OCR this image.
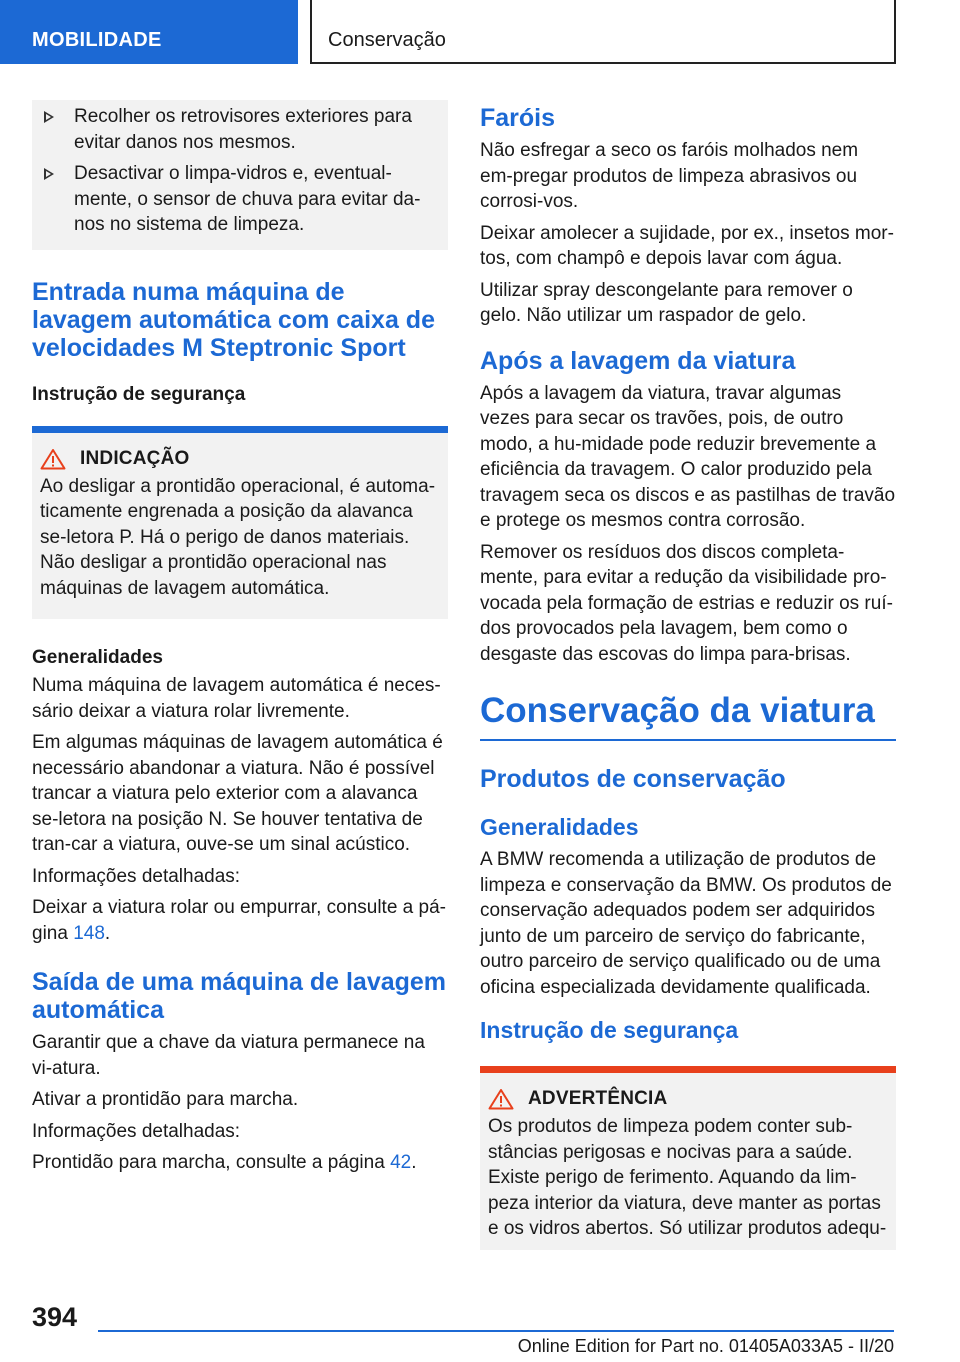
MOBILIDADE	Conservação
Recolher os retrovisores exteriores para evitar danos nos mesmos.
Desactivar o limpa-vidros e, eventual-mente, o sensor de chuva para evitar da-nos no sistema de limpeza.
Entrada numa máquina de lavagem automática com caixa de velocidades M Steptronic Sport
Instrução de segurança
INDICAÇÃO

Ao desligar a prontidão operacional, é automa-ticamente engrenada a posição da alavanca se-letora P. Há o perigo de danos materiais. Não desligar a prontidão operacional nas máquinas de lavagem automática.

Generalidades

Numa máquina de lavagem automática é neces-sário deixar a viatura rolar livremente.

Em algumas máquinas de lavagem automática é necessário abandonar a viatura. Não é possível trancar a viatura pelo exterior com a alavanca se-letora na posição N. Se houver tentativa de tran-car a viatura, ouve-se um sinal acústico.

Informações detalhadas:

Deixar a viatura rolar ou empurrar, consulte a pá-gina 148.

Saída de uma máquina de lavagem automática

Garantir que a chave da viatura permanece na vi-atura.

Ativar a prontidão para marcha.

Informações detalhadas:

Prontidão para marcha, consulte a página 42.

Faróis

Não esfregar a seco os faróis molhados nem em-pregar produtos de limpeza abrasivos ou corrosi-vos.

Deixar amolecer a sujidade, por ex., insetos mor-tos, com champô e depois lavar com água.

Utilizar spray descongelante para remover o gelo. Não utilizar um raspador de gelo.

Após a lavagem da viatura

Após a lavagem da viatura, travar algumas vezes para secar os travões, pois, de outro modo, a hu-midade pode reduzir brevemente a eficiência da travagem. O calor produzido pela travagem seca os discos e as pastilhas de travão e protege os mesmos contra corrosão.

Remover os resíduos dos discos completa-mente, para evitar a redução da visibilidade pro-vocada pela formação de estrias e reduzir os ruí-dos provocados pela lavagem, bem como o desgaste das escovas do limpa para-brisas.

Conservação da viatura
Produtos de conservação
Generalidades

A BMW recomenda a utilização de produtos de limpeza e conservação da BMW. Os produtos de conservação adequados podem ser adquiridos junto de um parceiro de serviço do fabricante, outro parceiro de serviço qualificado ou de uma oficina especializada devidamente qualificada.

Instrução de segurança
ADVERTÊNCIA

Os produtos de limpeza podem conter sub-stâncias perigosas e nocivas para a saúde. Existe perigo de ferimento. Aquando da lim-peza interior da viatura, deve manter as portas e os vidros abertos. Só utilizar produtos adequ-

394
Online Edition for Part no. 01405A033A5 - II/20
